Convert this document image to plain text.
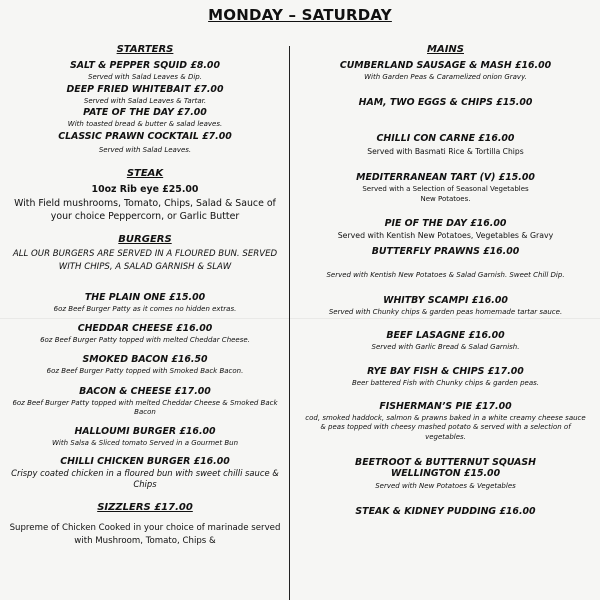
MONDAY – SATURDAY
STARTERS
SALT & PEPPER SQUID £8.00
Served with Salad Leaves & Dip.
DEEP FRIED WHITEBAIT £7.00
Served with Salad Leaves & Tartar.
PATE OF THE DAY £7.00
With toasted bread & butter & salad leaves.
CLASSIC PRAWN COCKTAIL £7.00
Served with Salad Leaves.
STEAK
10oz Rib eye £25.00
With Field mushrooms, Tomato, Chips, Salad & Sauce of your choice Peppercorn, or Garlic Butter
BURGERS
ALL OUR BURGERS ARE SERVED IN A FLOURED BUN. SERVED WITH CHIPS, A SALAD GARNISH & SLAW
THE PLAIN ONE £15.00
6oz Beef Burger Patty as it comes no hidden extras.
CHEDDAR CHEESE £16.00
6oz Beef Burger Patty topped with melted Cheddar Cheese.
SMOKED BACON £16.50
6oz Beef Burger Patty topped with Smoked Back Bacon.
BACON & CHEESE £17.00
6oz Beef Burger Patty topped with melted Cheddar Cheese & Smoked Back Bacon
HALLOUMI BURGER £16.00
With Salsa & Sliced tomato Served in a Gourmet Bun
CHILLI CHICKEN BURGER £16.00
Crispy coated chicken in a floured bun with sweet chilli sauce & Chips
SIZZLERS £17.00
Supreme of Chicken Cooked in your choice of marinade served with Mushroom, Tomato, Chips &
MAINS
CUMBERLAND SAUSAGE & MASH £16.00
With Garden Peas & Caramelized onion Gravy.
HAM, TWO EGGS & CHIPS £15.00
CHILLI CON CARNE £16.00
Served with Basmati Rice & Tortilla Chips
MEDITERRANEAN TART (V) £15.00
Served with a Selection of Seasonal Vegetables New Potatoes.
PIE OF THE DAY £16.00
Served with Kentish New Potatoes, Vegetables & Gravy
BUTTERFLY PRAWNS £16.00
Served with Kentish New Potatoes & Salad Garnish. Sweet Chill Dip.
WHITBY SCAMPI £16.00
Served with Chunky chips & garden peas homemade tartar sauce.
BEEF LASAGNE £16.00
Served with Garlic Bread & Salad Garnish.
RYE BAY FISH & CHIPS £17.00
Beer battered Fish with Chunky chips & garden peas.
FISHERMAN’S PIE £17.00
cod, smoked haddock, salmon & prawns baked in a white creamy cheese sauce & peas topped with cheesy mashed potato & served with a selection of vegetables.
BEETROOT & BUTTERNUT SQUASH WELLINGTON £15.00
Served with New Potatoes & Vegetables
STEAK & KIDNEY PUDDING £16.00
